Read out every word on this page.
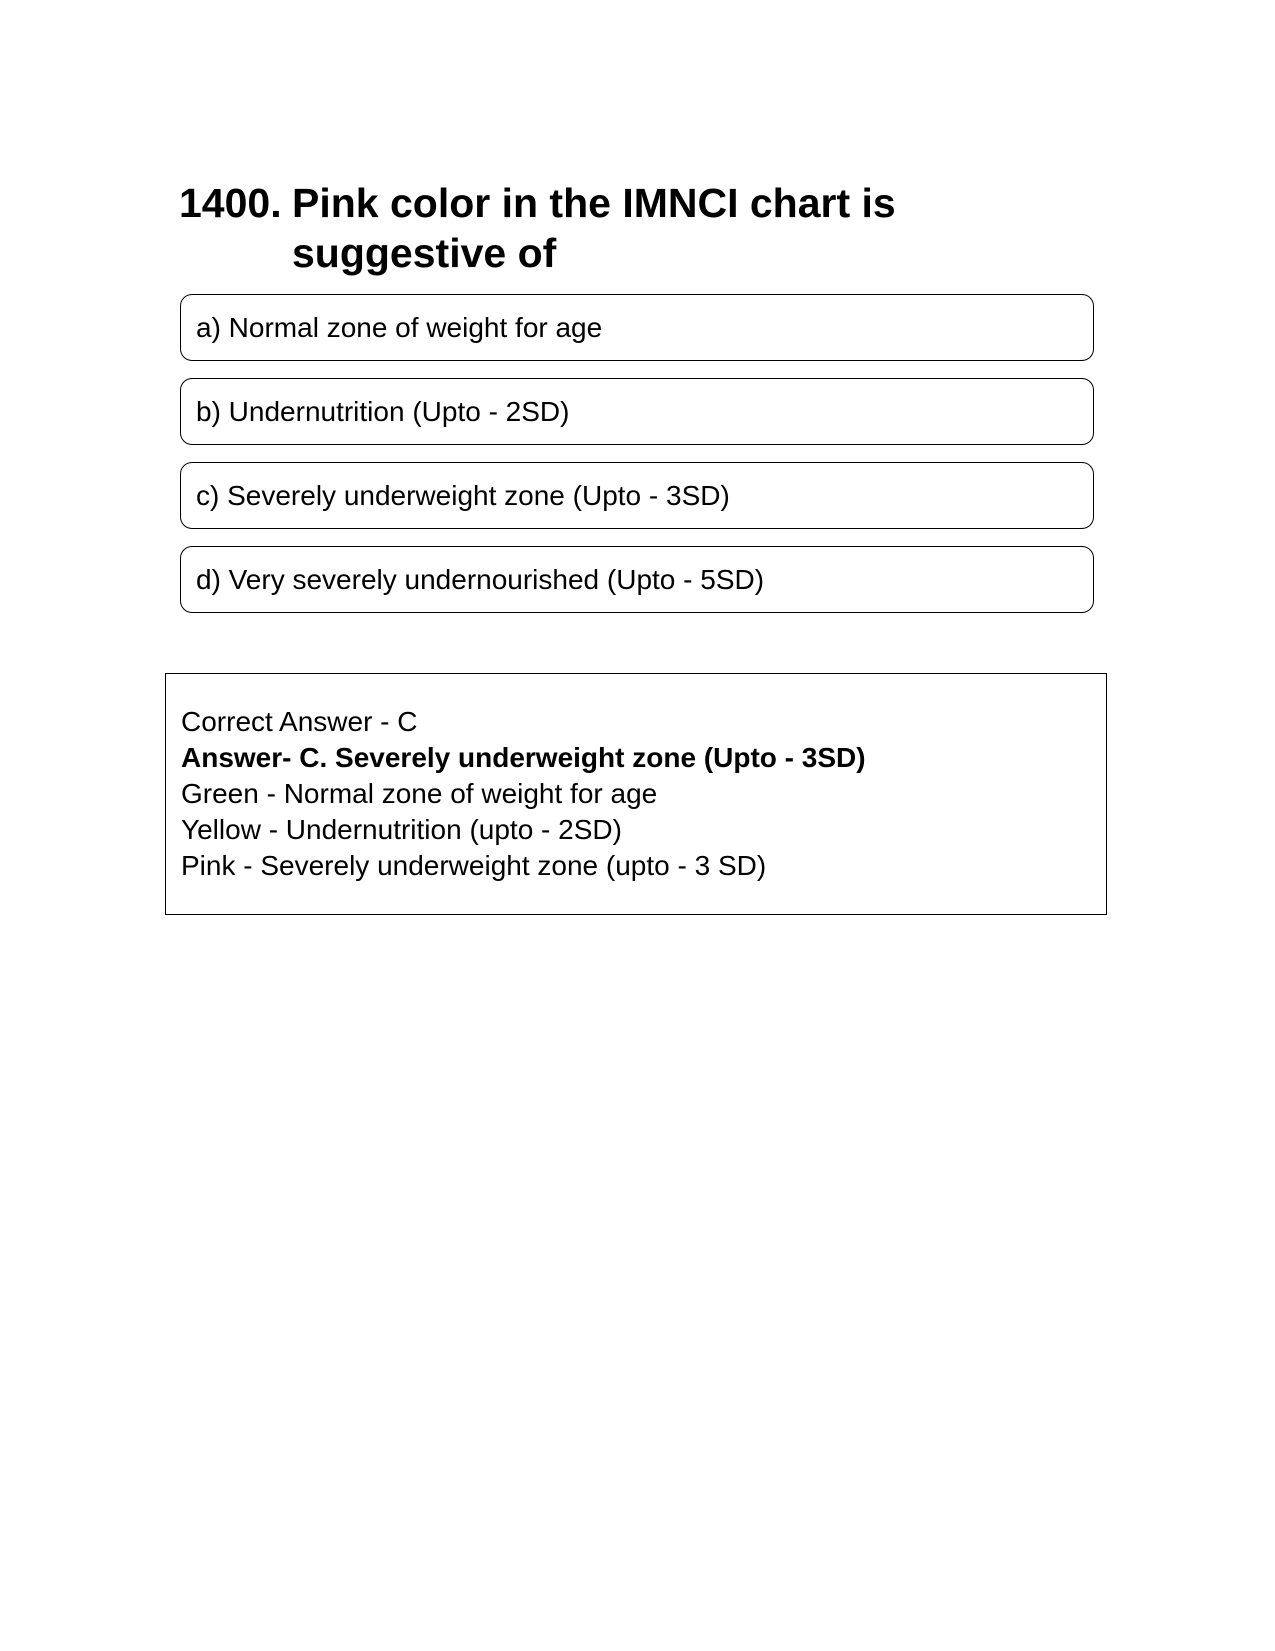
1400. Pink color in the IMNCI chart is suggestive of
a) Normal zone of weight for age
b) Undernutrition (Upto - 2SD)
c) Severely underweight zone (Upto - 3SD)
d) Very severely undernourished (Upto - 5SD)
Correct Answer - C
Answer- C. Severely underweight zone (Upto - 3SD)
Green - Normal zone of weight for age
Yellow - Undernutrition (upto - 2SD)
Pink - Severely underweight zone (upto - 3 SD)
